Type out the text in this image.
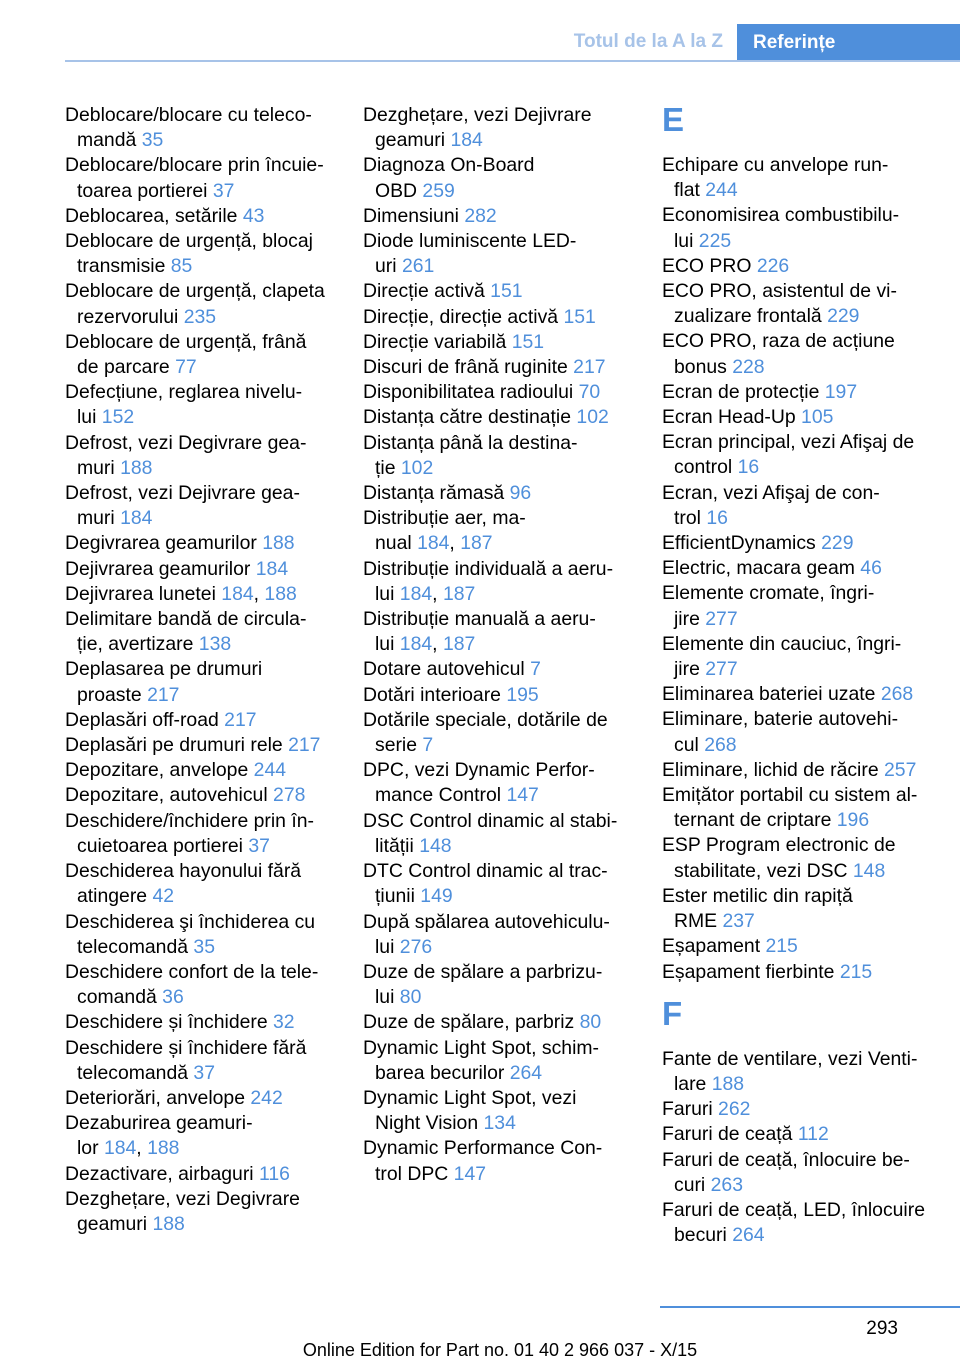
Totul de la A la Z	Referințe
Deblocare/blocare cu teleco-
mandă 35
Deblocare/blocare prin încuie-
toarea portierei 37
Deblocarea, setările 43
Deblocare de urgență, blocaj
transmisie 85
Deblocare de urgență, clapeta
rezervorului 235
Deblocare de urgență, frână
de parcare 77
Defecțiune, reglarea nivelu-
lui 152
Defrost, vezi Degivrare gea-
muri 188
Defrost, vezi Dejivrare gea-
muri 184
Degivrarea geamurilor 188
Dejivrarea geamurilor 184
Dejivrarea lunetei 184, 188
Delimitare bandă de circula-
ție, avertizare 138
Deplasarea pe drumuri
proaste 217
Deplasări off-road 217
Deplasări pe drumuri rele 217
Depozitare, anvelope 244
Depozitare, autovehicul 278
Deschidere/închidere prin în-
cuietoarea portierei 37
Deschiderea hayonului fără
atingere 42
Deschiderea şi închiderea cu
telecomandă 35
Deschidere confort de la tele-
comandă 36
Deschidere și închidere 32
Deschidere și închidere fără
telecomandă 37
Deteriorări, anvelope 242
Dezaburirea geamuri-
lor 184, 188
Dezactivare, airbaguri 116
Dezghețare, vezi Degivrare
geamuri 188
Dezghețare, vezi Dejivrare
geamuri 184
Diagnoza On-Board
OBD 259
Dimensiuni 282
Diode luminiscente LED-
uri 261
Direcție activă 151
Direcție, direcție activă 151
Direcție variabilă 151
Discuri de frână ruginite 217
Disponibilitatea radioului 70
Distanța către destinație 102
Distanța până la destina-
ție 102
Distanța rămasă 96
Distribuție aer, ma-
nual 184, 187
Distribuție individuală a aeru-
lui 184, 187
Distribuție manuală a aeru-
lui 184, 187
Dotare autovehicul 7
Dotări interioare 195
Dotările speciale, dotările de
serie 7
DPC, vezi Dynamic Perfor-
mance Control 147
DSC Control dinamic al stabi-
lității 148
DTC Control dinamic al trac-
țiunii 149
După spălarea autovehiculu-
lui 276
Duze de spălare a parbrizu-
lui 80
Duze de spălare, parbriz 80
Dynamic Light Spot, schim-
barea becurilor 264
Dynamic Light Spot, vezi
Night Vision 134
Dynamic Performance Con-
trol DPC 147
E
Echipare cu anvelope run-
flat 244
Economisirea combustibilu-
lui 225
ECO PRO 226
ECO PRO, asistentul de vi-
zualizare frontală 229
ECO PRO, raza de acțiune
bonus 228
Ecran de protecție 197
Ecran Head-Up 105
Ecran principal, vezi Afişaj de
control 16
Ecran, vezi Afişaj de con-
trol 16
EfficientDynamics 229
Electric, macara geam 46
Elemente cromate, îngri-
jire 277
Elemente din cauciuc, îngri-
jire 277
Eliminarea bateriei uzate 268
Eliminare, baterie autovehi-
cul 268
Eliminare, lichid de răcire 257
Emițător portabil cu sistem al-
ternant de criptare 196
ESP Program electronic de
stabilitate, vezi DSC 148
Ester metilic din rapiță
RME 237
Eșapament 215
Eșapament fierbinte 215
F
Fante de ventilare, vezi Venti-
lare 188
Faruri 262
Faruri de ceață 112
Faruri de ceață, înlocuire be-
curi 263
Faruri de ceață, LED, înlocuire
becuri 264
293
Online Edition for Part no. 01 40 2 966 037 - X/15
